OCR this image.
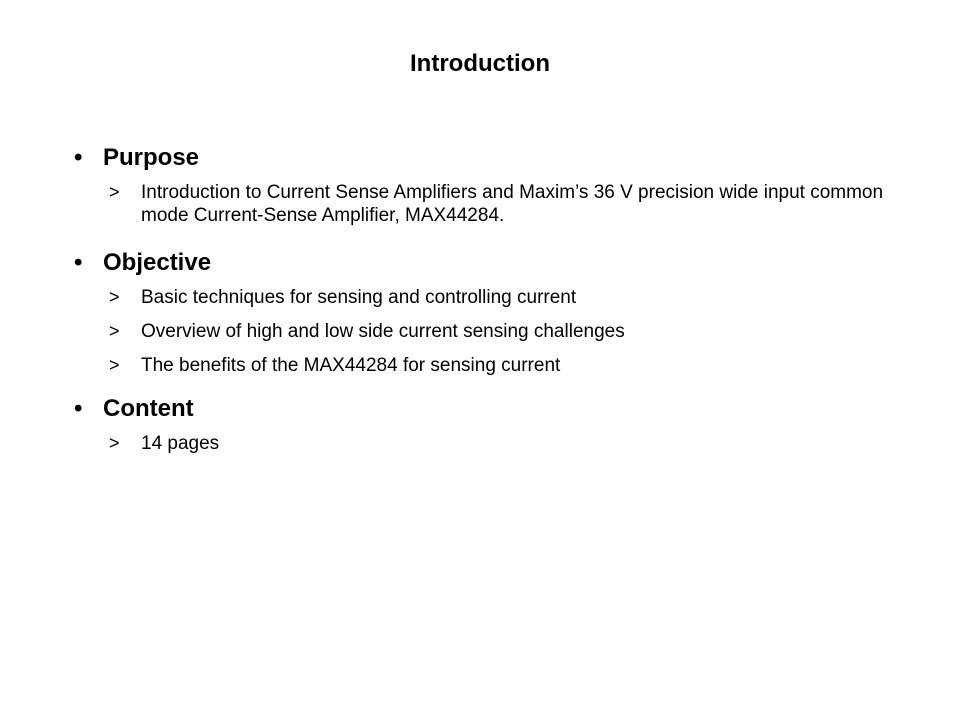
Introduction
• Purpose
> Introduction to Current Sense Amplifiers and Maxim’s 36 V precision wide input common mode Current-Sense Amplifier, MAX44284.
• Objective
> Basic techniques for sensing and controlling current
> Overview of high and low side current sensing challenges
> The benefits of the MAX44284 for sensing current
• Content
> 14 pages
